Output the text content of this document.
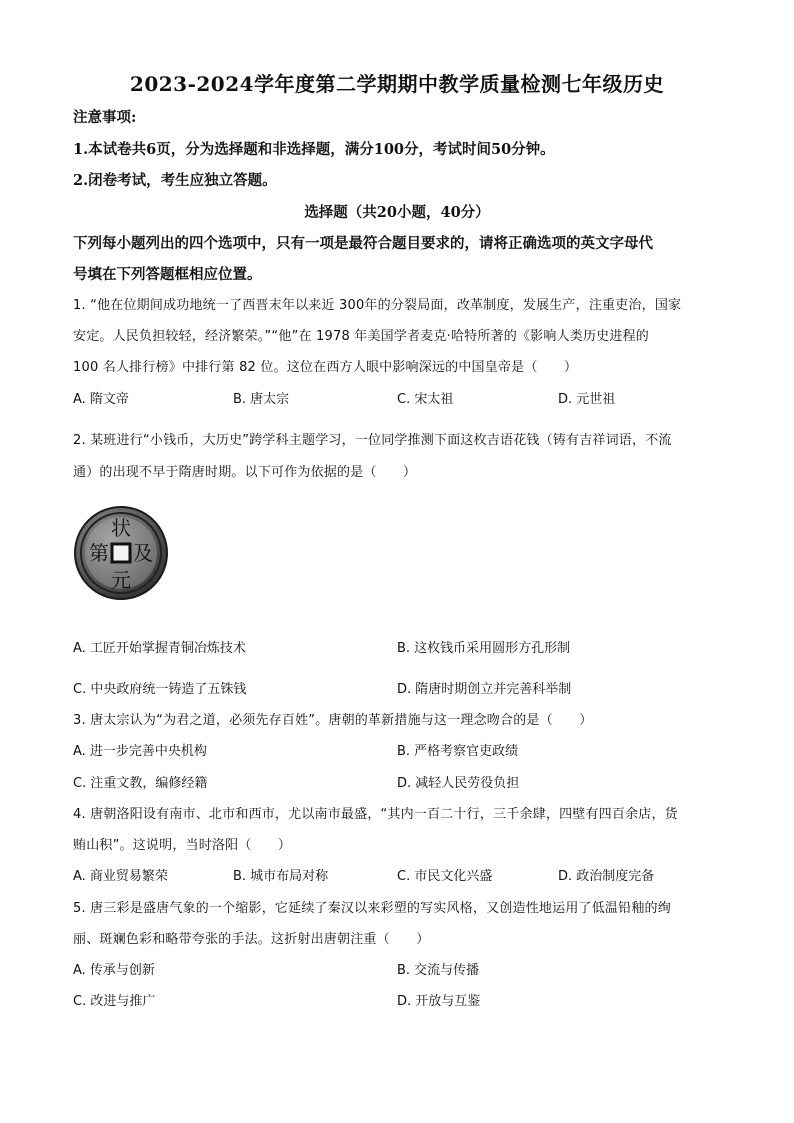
2023-2024学年度第二学期期中教学质量检测七年级历史
注意事项:
1.本试卷共6页，分为选择题和非选择题，满分100分，考试时间50分钟。
2.闭卷考试，考生应独立答题。
选择题（共20小题，40分）
下列每小题列出的四个选项中，只有一项是最符合题目要求的，请将正确选项的英文字母代
号填在下列答题框相应位置。
1. “他在位期间成功地统一了西晋末年以来近 300年的分裂局面，改革制度，发展生产，注重吏治，国家
安定。人民负担较轻，经济繁荣。”“他”在 1978 年美国学者麦克·哈特所著的《影响人类历史进程的
100 名人排行榜》中排行第 82 位。这位在西方人眼中影响深远的中国皇帝是（　　）
A. 隋文帝	B. 唐太宗	C. 宋太祖	D. 元世祖
2. 某班进行“小钱币，大历史”跨学科主题学习，一位同学推测下面这枚吉语花钱（铸有吉祥词语，不流
通）的出现不早于隋唐时期。以下可作为依据的是（　　）
状
及
元
第
A. 工匠开始掌握青铜冶炼技术	B. 这枚钱币采用圆形方孔形制
C. 中央政府统一铸造了五铢钱	D. 隋唐时期创立并完善科举制
3. 唐太宗认为“为君之道，必须先存百姓”。唐朝的革新措施与这一理念吻合的是（　　）
A. 进一步完善中央机构	B. 严格考察官吏政绩
C. 注重文教，编修经籍	D. 减轻人民劳役负担
4. 唐朝洛阳设有南市、北市和西市，尤以南市最盛，“其内一百二十行，三千余肆，四壁有四百余店，货
贿山积”。这说明，当时洛阳（　　）
A. 商业贸易繁荣	B. 城市布局对称	C. 市民文化兴盛	D. 政治制度完备
5. 唐三彩是盛唐气象的一个缩影，它延续了秦汉以来彩塑的写实风格，又创造性地运用了低温铅釉的绚
丽、斑斓色彩和略带夸张的手法。这折射出唐朝注重（　　）
A. 传承与创新	B. 交流与传播
C. 改进与推广	D. 开放与互鉴
